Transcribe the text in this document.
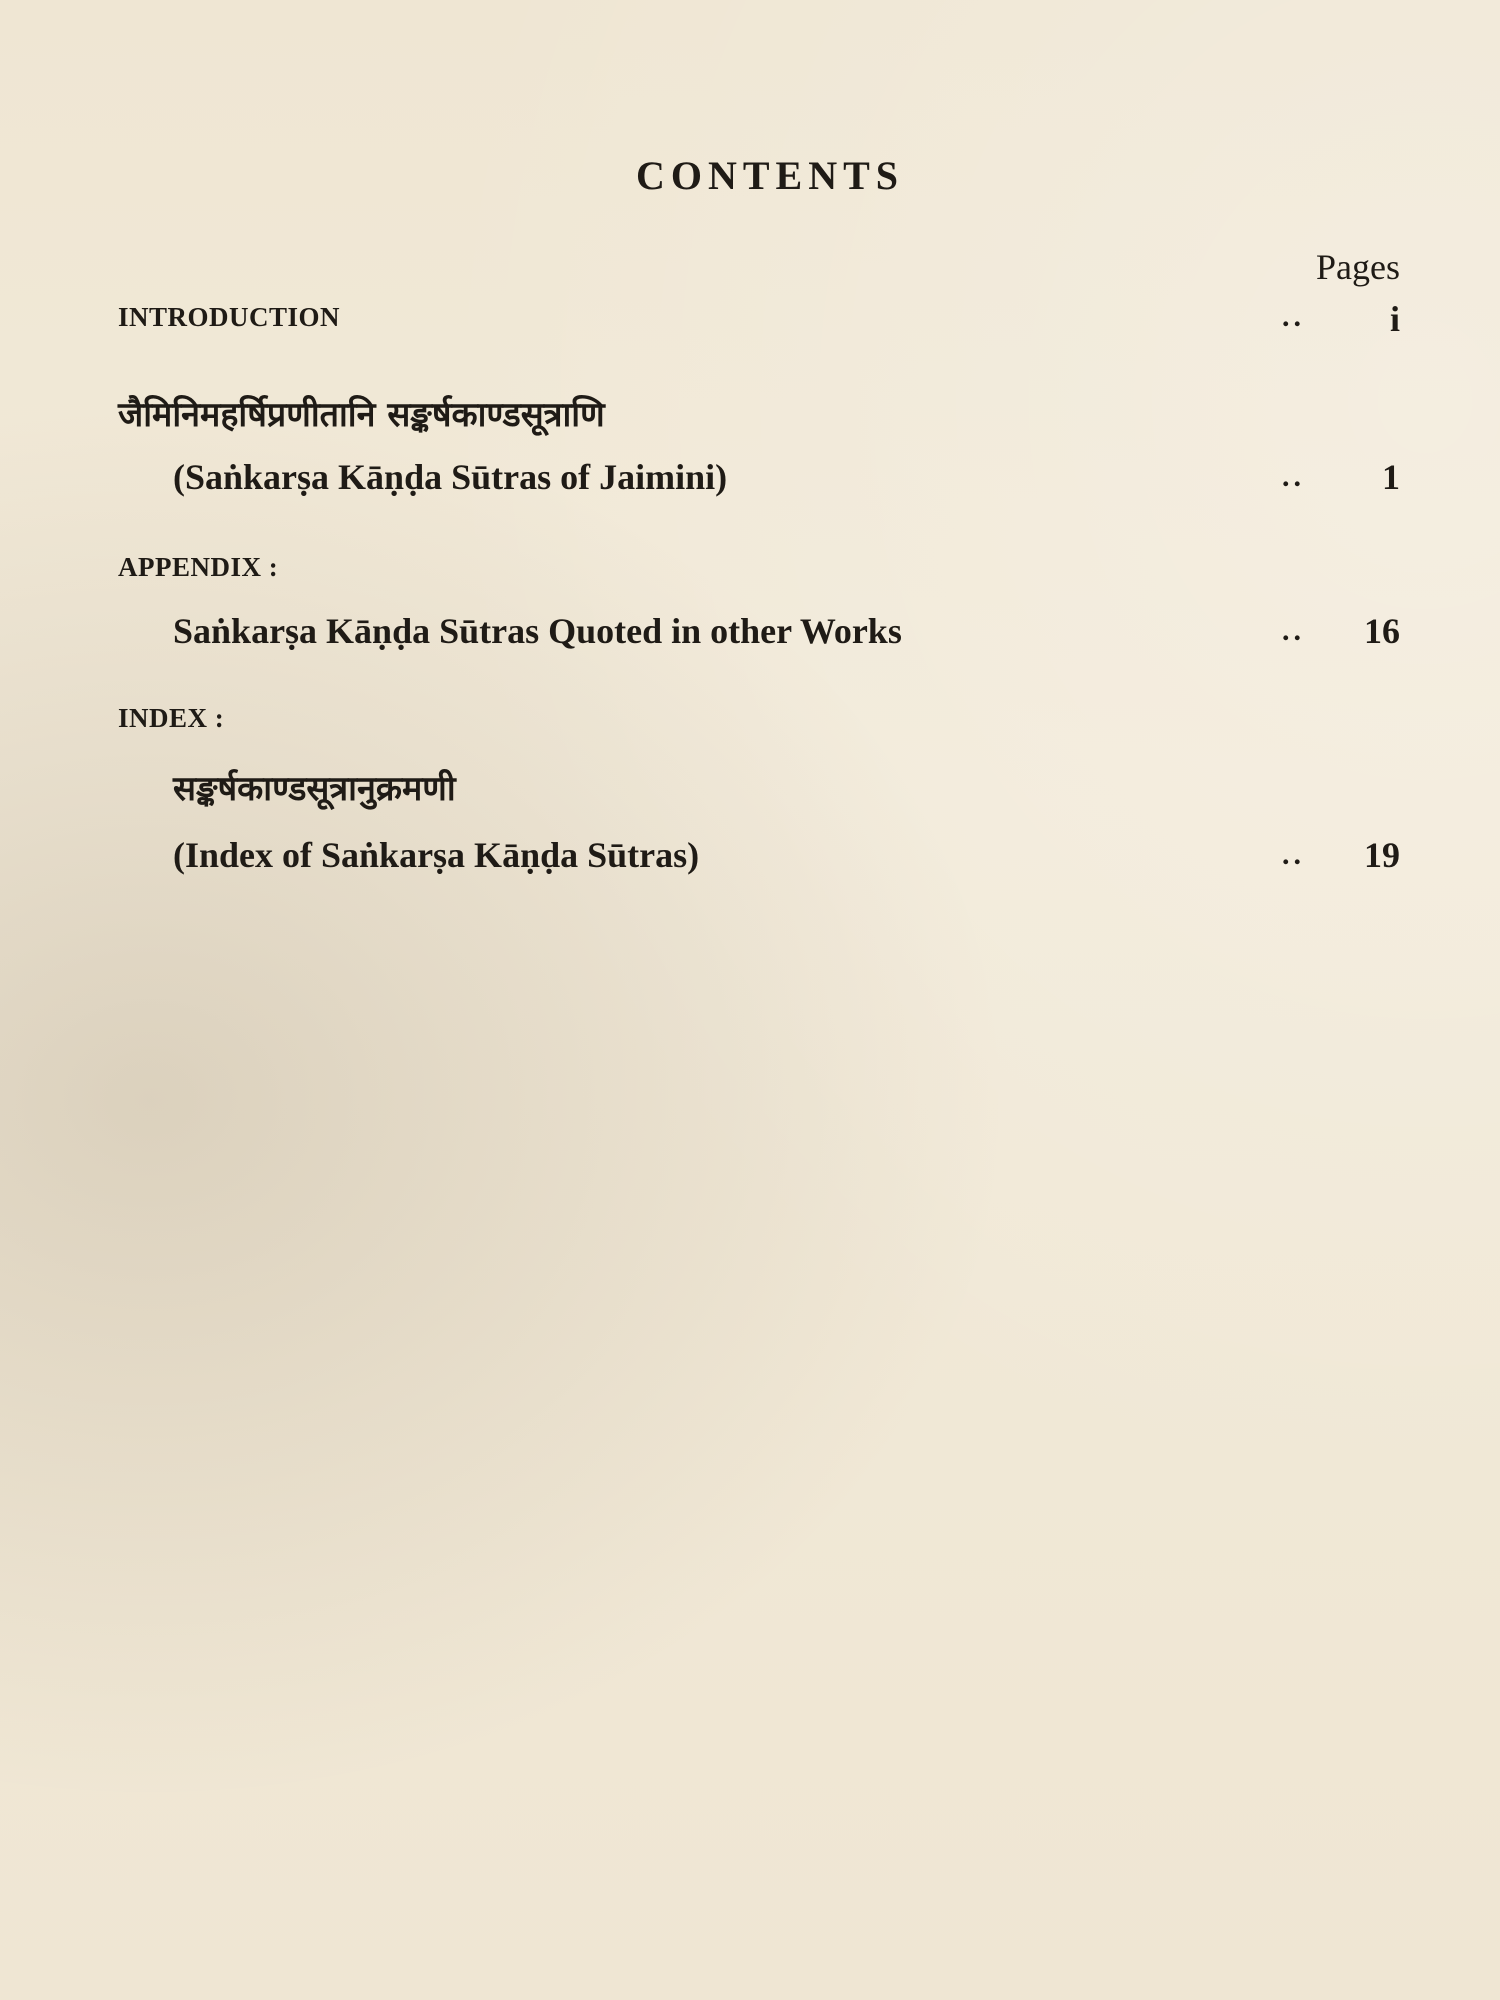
CONTENTS
Pages
INTRODUCTION	.. i
जैमिनिमहर्षिप्रणीतानि सङ्कर्षकाण्डसूत्राणि
(Saṅkarṣa Kāṇḍa Sūtras of Jaimini)	.. 1
APPENDIX :
Saṅkarṣa Kāṇḍa Sūtras Quoted in other Works	.. 16
INDEX :
सङ्कर्षकाण्डसूत्रानुक्रमणी
(Index of Saṅkarṣa Kāṇḍa Sūtras)	.. 19
